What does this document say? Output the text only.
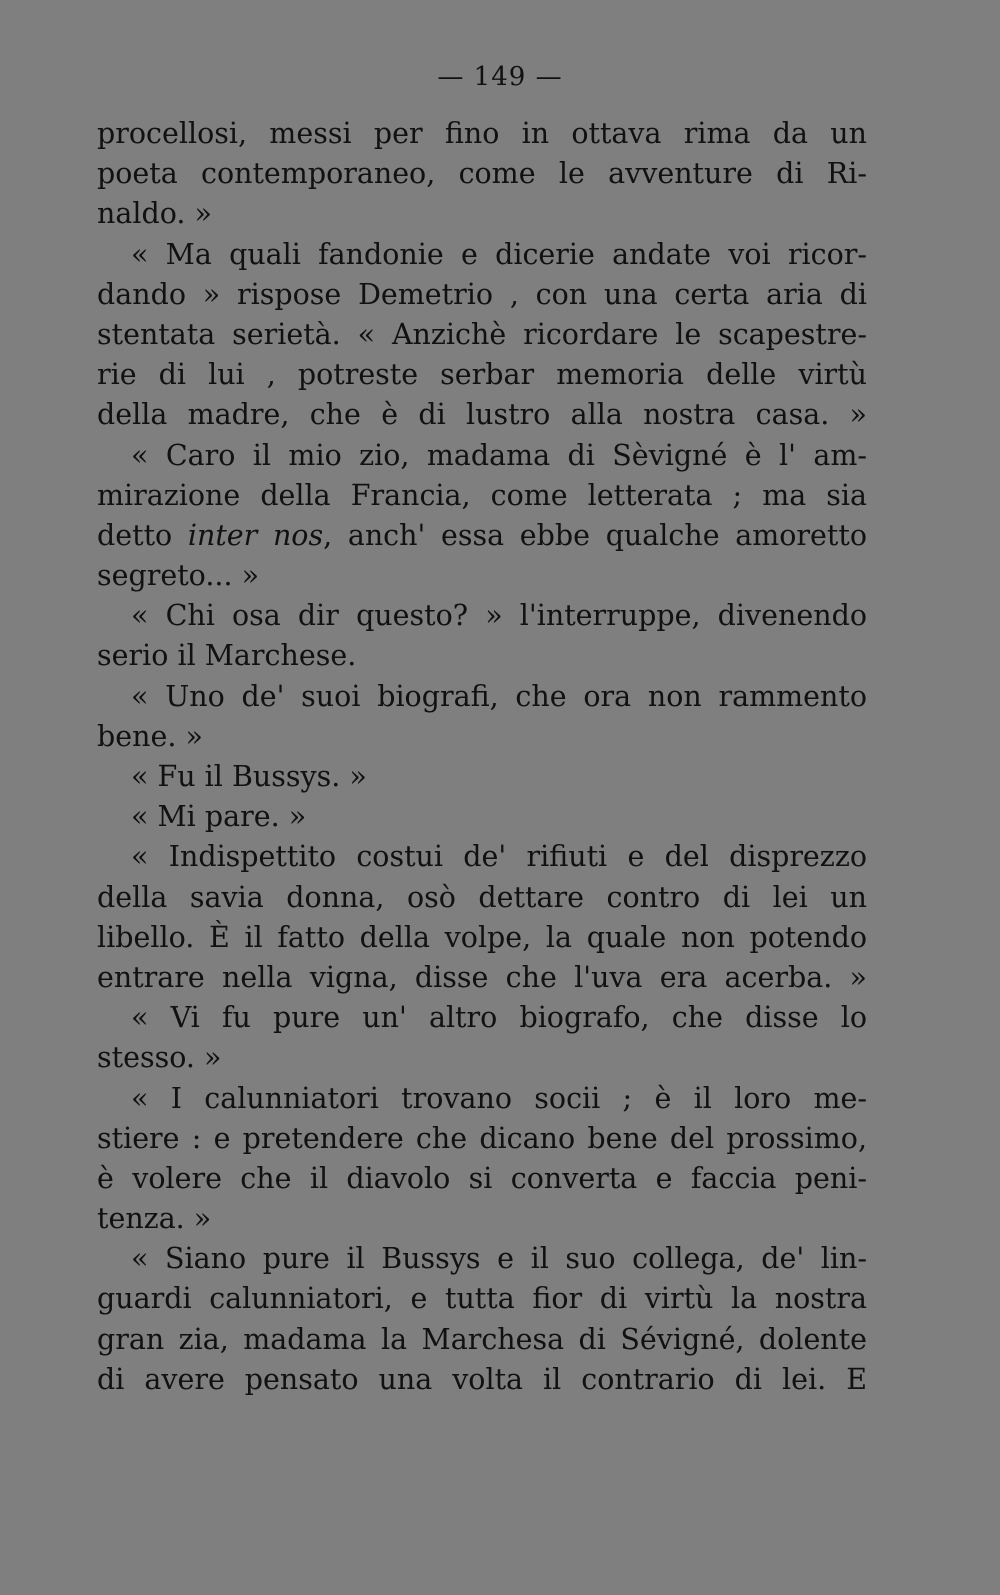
— 149 —
procellosi, messi per fino in ottava rima da un
poeta contemporaneo, come le avventure di Ri-
naldo. »
« Ma quali fandonie e dicerie andate voi ricor-
dando » rispose Demetrio , con una certa aria di
stentata serietà. « Anzichè ricordare le scapestre-
rie di lui , potreste serbar memoria delle virtù
della madre, che è di lustro alla nostra casa. »
« Caro il mio zio, madama di Sèvigné è l' am-
mirazione della Francia, come letterata ; ma sia
detto inter nos, anch' essa ebbe qualche amoretto
segreto... »
« Chi osa dir questo? » l'interruppe, divenendo
serio il Marchese.
« Uno de' suoi biografi, che ora non rammento
bene. »
« Fu il Bussys. »
« Mi pare. »
« Indispettito costui de' rifiuti e del disprezzo
della savia donna, osò dettare contro di lei un
libello. È il fatto della volpe, la quale non potendo
entrare nella vigna, disse che l'uva era acerba. »
« Vi fu pure un' altro biografo, che disse lo
stesso. »
« I calunniatori trovano socii ; è il loro me-
stiere : e pretendere che dicano bene del prossimo,
è volere che il diavolo si converta e faccia peni-
tenza. »
« Siano pure il Bussys e il suo collega, de' lin-
guardi calunniatori, e tutta fior di virtù la nostra
gran zia, madama la Marchesa di Sévigné, dolente
di avere pensato una volta il contrario di lei. E
